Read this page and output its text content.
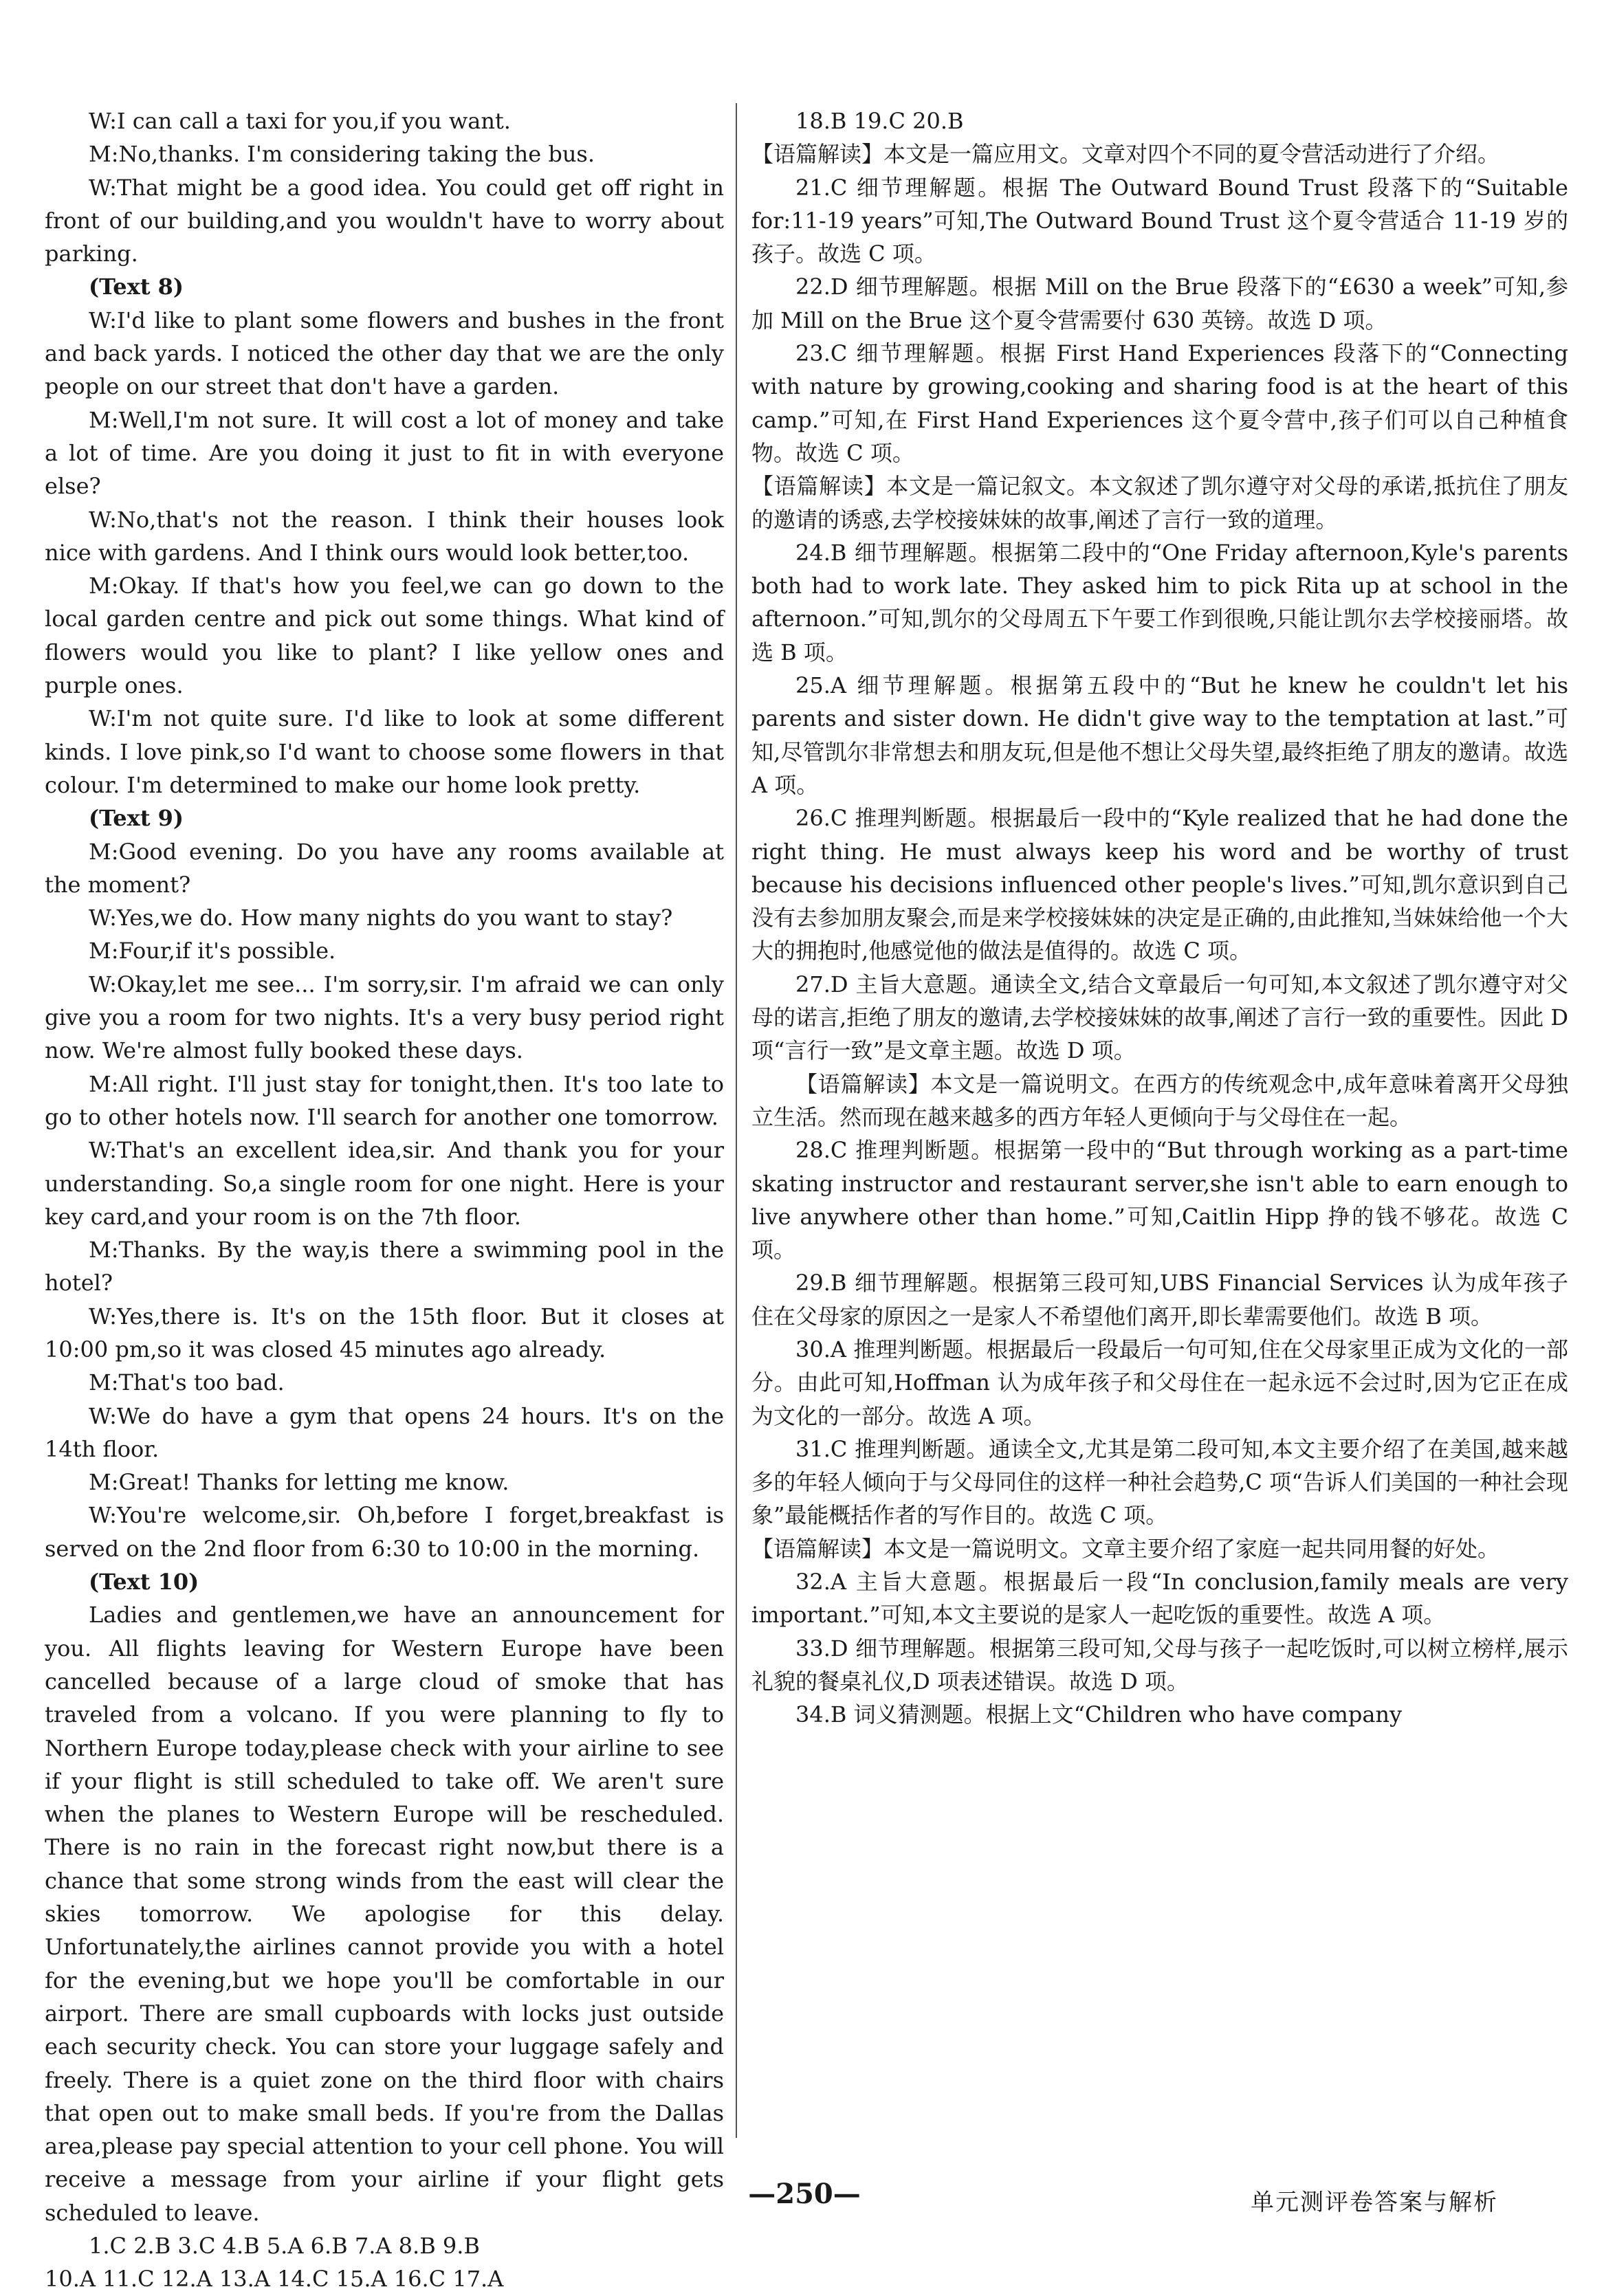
W:I can call a taxi for you,if you want.

M:No,thanks. I'm considering taking the bus.

W:That might be a good idea. You could get off right in front of our building,and you wouldn't have to worry about parking.

(Text 8)

W:I'd like to plant some flowers and bushes in the front and back yards. I noticed the other day that we are the only people on our street that don't have a garden.

M:Well,I'm not sure. It will cost a lot of money and take a lot of time. Are you doing it just to fit in with everyone else?

W:No,that's not the reason. I think their houses look nice with gardens. And I think ours would look better,too.

M:Okay. If that's how you feel,we can go down to the local garden centre and pick out some things. What kind of flowers would you like to plant? I like yellow ones and purple ones.

W:I'm not quite sure. I'd like to look at some different kinds. I love pink,so I'd want to choose some flowers in that colour. I'm determined to make our home look pretty.

(Text 9)

M:Good evening. Do you have any rooms available at the moment?

W:Yes,we do. How many nights do you want to stay?

M:Four,if it's possible.

W:Okay,let me see... I'm sorry,sir. I'm afraid we can only give you a room for two nights. It's a very busy period right now. We're almost fully booked these days.

M:All right. I'll just stay for tonight,then. It's too late to go to other hotels now. I'll search for another one tomorrow.

W:That's an excellent idea,sir. And thank you for your understanding. So,a single room for one night. Here is your key card,and your room is on the 7th floor.

M:Thanks. By the way,is there a swimming pool in the hotel?

W:Yes,there is. It's on the 15th floor. But it closes at 10:00 pm,so it was closed 45 minutes ago already.

M:That's too bad.

W:We do have a gym that opens 24 hours. It's on the 14th floor.

M:Great! Thanks for letting me know.

W:You're welcome,sir. Oh,before I forget,breakfast is served on the 2nd floor from 6:30 to 10:00 in the morning.

(Text 10)

Ladies and gentlemen,we have an announcement for you. All flights leaving for Western Europe have been cancelled because of a large cloud of smoke that has traveled from a volcano. If you were planning to fly to Northern Europe today,please check with your airline to see if your flight is still scheduled to take off. We aren't sure when the planes to Western Europe will be rescheduled. There is no rain in the forecast right now,but there is a chance that some strong winds from the east will clear the skies tomorrow. We apologise for this delay. Unfortunately,the airlines cannot provide you with a hotel for the evening,but we hope you'll be comfortable in our airport. There are small cupboards with locks just outside each security check. You can store your luggage safely and freely. There is a quiet zone on the third floor with chairs that open out to make small beds. If you're from the Dallas area,please pay special attention to your cell phone. You will receive a message from your airline if your flight gets scheduled to leave.

1.C 2.B 3.C 4.B 5.A 6.B 7.A 8.B 9.B

10.A 11.C 12.A 13.A 14.C 15.A 16.C 17.A

18.B 19.C 20.B

【语篇解读】本文是一篇应用文。文章对四个不同的夏令营活动进行了介绍。

21.C 细节理解题。根据 The Outward Bound Trust 段落下的“Suitable for:11-19 years”可知,The Outward Bound Trust 这个夏令营适合 11-19 岁的孩子。故选 C 项。

22.D 细节理解题。根据 Mill on the Brue 段落下的“£630 a week”可知,参加 Mill on the Brue 这个夏令营需要付 630 英镑。故选 D 项。

23.C 细节理解题。根据 First Hand Experiences 段落下的“Connecting with nature by growing,cooking and sharing food is at the heart of this camp.”可知,在 First Hand Experiences 这个夏令营中,孩子们可以自己种植食物。故选 C 项。

【语篇解读】本文是一篇记叙文。本文叙述了凯尔遵守对父母的承诺,抵抗住了朋友的邀请的诱惑,去学校接妹妹的故事,阐述了言行一致的道理。

24.B 细节理解题。根据第二段中的“One Friday afternoon,Kyle's parents both had to work late. They asked him to pick Rita up at school in the afternoon.”可知,凯尔的父母周五下午要工作到很晚,只能让凯尔去学校接丽塔。故选 B 项。

25.A 细节理解题。根据第五段中的“But he knew he couldn't let his parents and sister down. He didn't give way to the temptation at last.”可知,尽管凯尔非常想去和朋友玩,但是他不想让父母失望,最终拒绝了朋友的邀请。故选 A 项。

26.C 推理判断题。根据最后一段中的“Kyle realized that he had done the right thing. He must always keep his word and be worthy of trust because his decisions influenced other people's lives.”可知,凯尔意识到自己没有去参加朋友聚会,而是来学校接妹妹的决定是正确的,由此推知,当妹妹给他一个大大的拥抱时,他感觉他的做法是值得的。故选 C 项。

27.D 主旨大意题。通读全文,结合文章最后一句可知,本文叙述了凯尔遵守对父母的诺言,拒绝了朋友的邀请,去学校接妹妹的故事,阐述了言行一致的重要性。因此 D 项“言行一致”是文章主题。故选 D 项。

【语篇解读】本文是一篇说明文。在西方的传统观念中,成年意味着离开父母独立生活。然而现在越来越多的西方年轻人更倾向于与父母住在一起。

28.C 推理判断题。根据第一段中的“But through working as a part-time skating instructor and restaurant server,she isn't able to earn enough to live anywhere other than home.”可知,Caitlin Hipp 挣的钱不够花。故选 C 项。

29.B 细节理解题。根据第三段可知,UBS Financial Services 认为成年孩子住在父母家的原因之一是家人不希望他们离开,即长辈需要他们。故选 B 项。

30.A 推理判断题。根据最后一段最后一句可知,住在父母家里正成为文化的一部分。由此可知,Hoffman 认为成年孩子和父母住在一起永远不会过时,因为它正在成为文化的一部分。故选 A 项。

31.C 推理判断题。通读全文,尤其是第二段可知,本文主要介绍了在美国,越来越多的年轻人倾向于与父母同住的这样一种社会趋势,C 项“告诉人们美国的一种社会现象”最能概括作者的写作目的。故选 C 项。

【语篇解读】本文是一篇说明文。文章主要介绍了家庭一起共同用餐的好处。

32.A 主旨大意题。根据最后一段“In conclusion,family meals are very important.”可知,本文主要说的是家人一起吃饭的重要性。故选 A 项。

33.D 细节理解题。根据第三段可知,父母与孩子一起吃饭时,可以树立榜样,展示礼貌的餐桌礼仪,D 项表述错误。故选 D 项。

34.B 词义猜测题。根据上文“Children who have company

—250—	单元测评卷答案与解析
